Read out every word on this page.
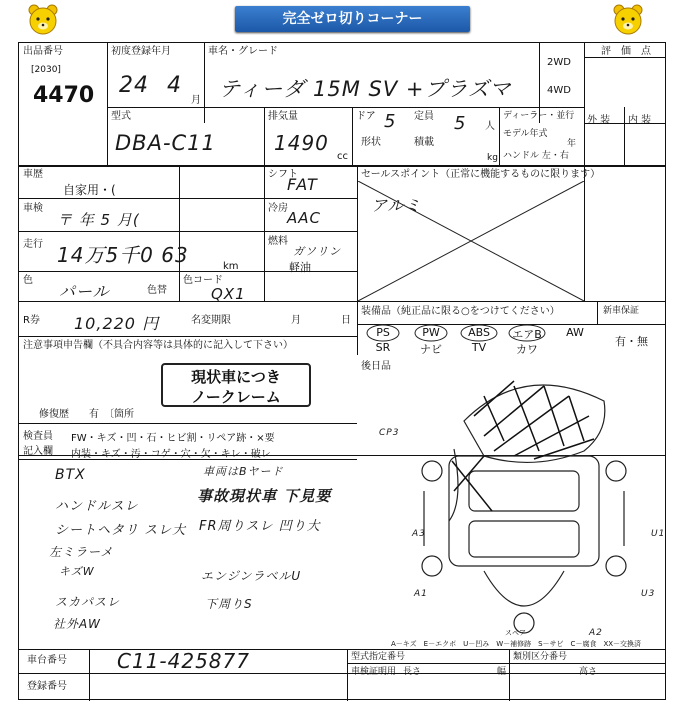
完全ゼロ切りコーナー
出品番号
[2030]
4470
初度登録年月
24 4
月
車名・グレード
ティーダ 15M SV +プラズマ
2WD
4WD
評　価　点
型式
DBA-C11
排気量
1490
cc
ドア 5
形状
定員 5 人
積載
kg
ディーラー・並行
モデル年式
年
ハンドル 左・右
外 装 内 装
車歴
自家用・(
シフト
FAT
車検
〒 年 5 月(
冷房
AAC
走行 14万5千0 63	km
燃料
ガソリン
軽油
色
パール	色替
色コード
QX1
R券 10,220 円	名変期限	月	日
注意事項申告欄（不具合内容等は具体的に記入して下さい）
現状車につき
ノークレーム
修復歴　　有　〔箇所
セールスポイント（正常に機能するものに限ります）
アルミ
装備品（純正品に限る○をつけてください）	新車保証
有・無
PS	PW	ABS	エアB	AW
SR	ナビ	TV	カワ
後日品
検査員 FW・キズ・凹・石・ヒビ割・リペア跡・×要
記入欄 内装・キズ・汚・コゲ・穴・欠・キレ・破レ
BTX
ハンドルスレ
シートヘタリ スレ大
左ミラーメ
キズW
スカパスレ
社外AW
車両はBヤード
事故現状車 下見要
FR周りスレ 凹り大
エンジンラベルU
下周りS
CP3
A3
A1
U1
U3
A2
スペア
A－キズ　E－エクボ　U－凹み　W－補修跡　S－サビ　C－腐食　XX－交換済
車台番号	C11-425877
登録番号
型式指定番号	類別区分番号
車検証明用 長さ	幅	高さ
